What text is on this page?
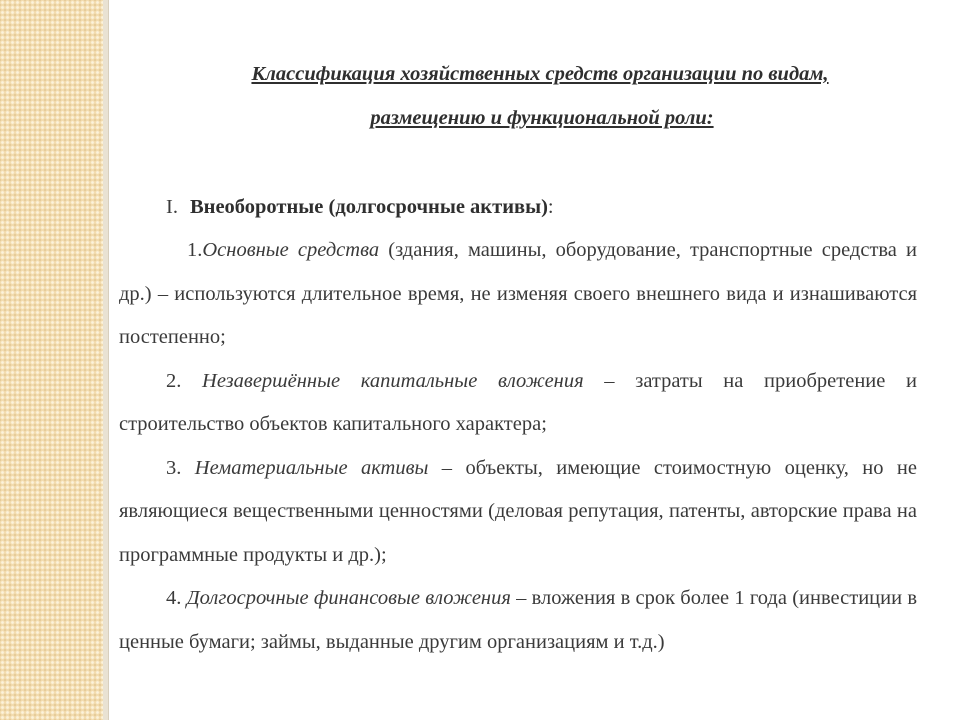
Классификация хозяйственных средств организации по видам,
размещению и функциональной роли:
I. Внеоборотные (долгосрочные активы):

1.Основные средства (здания, машины, оборудование, транспортные средства и др.) – используются длительное время, не изменяя своего внешнего вида и изнашиваются постепенно;

2. Незавершённые капитальные вложения – затраты на приобретение и строительство объектов капитального характера;

3. Нематериальные активы – объекты, имеющие стоимостную оценку, но не являющиеся вещественными ценностями (деловая репутация, патенты, авторские права на программные продукты и др.);

4. Долгосрочные финансовые вложения – вложения в срок более 1 года (инвестиции в ценные бумаги; займы, выданные другим организациям и т.д.)
